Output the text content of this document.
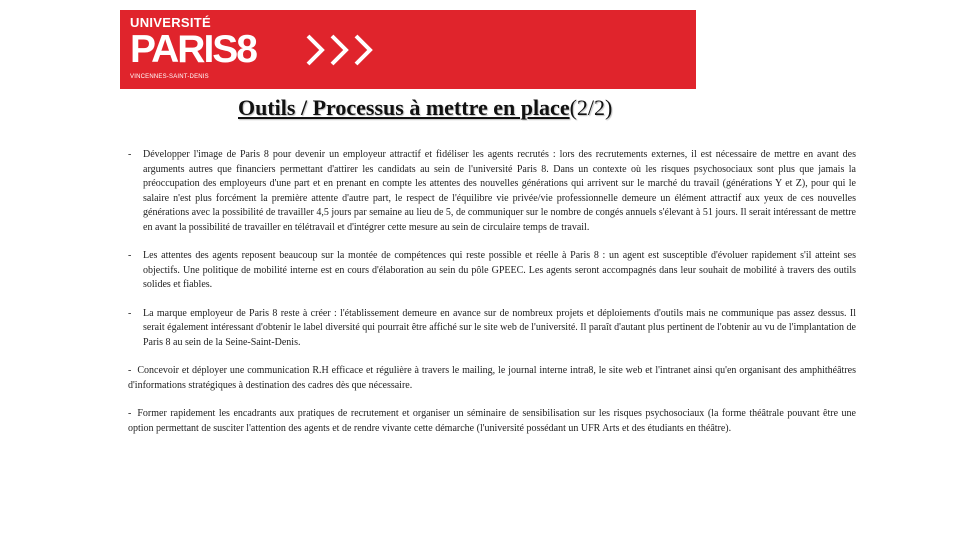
UNIVERSITÉ
PARIS8
VINCENNES-SAINT-DENIS
Outils / Processus à mettre en place(2/2)
- Développer l'image de Paris 8 pour devenir un employeur attractif et fidéliser les agents recrutés : lors des recrutements externes, il est nécessaire de mettre en avant des arguments autres que financiers permettant d'attirer les candidats au sein de l'université Paris 8. Dans un contexte où les risques psychosociaux sont plus que jamais la préoccupation des employeurs d'une part et en prenant en compte les attentes des nouvelles générations qui arrivent sur le marché du travail (générations Y et Z), pour qui le salaire n'est plus forcément la première attente d'autre part, le respect de l'équilibre vie privée/vie professionnelle demeure un élément attractif aux yeux de ces nouvelles générations avec la possibilité de travailler 4,5 jours par semaine au lieu de 5, de communiquer sur le nombre de congés annuels s'élevant à 51 jours. Il serait intéressant de mettre en avant la possibilité de travailler en télétravail et d'intégrer cette mesure au sein de circulaire temps de travail.
- Les attentes des agents reposent beaucoup sur la montée de compétences qui reste possible et réelle à Paris 8 : un agent est susceptible d'évoluer rapidement s'il atteint ses objectifs. Une politique de mobilité interne est en cours d'élaboration au sein du pôle GPEEC. Les agents seront accompagnés dans leur souhait de mobilité à travers des outils solides et fiables.
- La marque employeur de Paris 8 reste à créer : l'établissement demeure en avance sur de nombreux projets et déploiements d'outils mais ne communique pas assez dessus. Il serait également intéressant d'obtenir le label diversité qui pourrait être affiché sur le site web de l'université. Il paraît d'autant plus pertinent de l'obtenir au vu de l'implantation de Paris 8 au sein de la Seine-Saint-Denis.
- Concevoir et déployer une communication R.H efficace et régulière à travers le mailing, le journal interne intra8, le site web et l'intranet ainsi qu'en organisant des amphithéâtres d'informations stratégiques à destination des cadres dès que nécessaire.
- Former rapidement les encadrants aux pratiques de recrutement et organiser un séminaire de sensibilisation sur les risques psychosociaux (la forme théâtrale pouvant être une option permettant de susciter l'attention des agents et de rendre vivante cette démarche (l'université possédant un UFR Arts et des étudiants en théâtre).
